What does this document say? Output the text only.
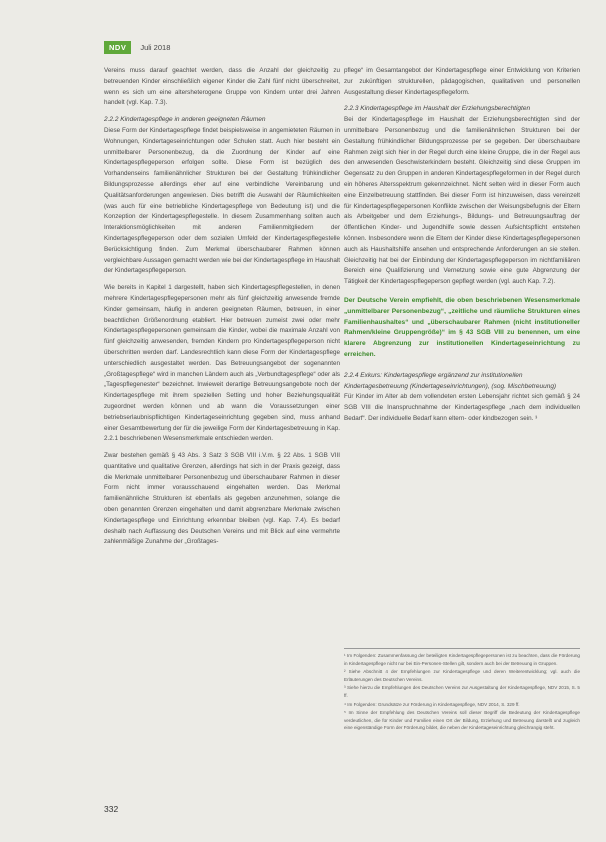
NDV	Juli 2018

Vereins muss darauf geachtet werden, dass die Anzahl der gleichzeitig zu betreuenden Kinder einschließlich eigener Kinder die Zahl fünf nicht überschreitet, wenn es sich um eine altersheterogene Gruppe von Kindern unter drei Jahren handelt (vgl. Kap. 7.3).

2.2.2 Kindertagespflege in anderen geeigneten Räumen

Diese Form der Kindertagespflege findet beispielsweise in angemieteten Räumen in Wohnungen, Kindertageseinrichtungen oder Schulen statt. Auch hier besteht ein unmittelbarer Personenbezug, da die Zuordnung der Kinder auf eine Kindertagespflegeperson erfolgen sollte. Diese Form ist bezüglich des Vorhandenseins familienähnlicher Strukturen bei der Gestaltung frühkindlicher Bildungsprozesse allerdings eher auf eine verbindliche Vereinbarung und Qualitätsanforderungen angewiesen. Dies betrifft die Auswahl der Räumlichkeiten (was auch für eine betriebliche Kindertagespflege von Bedeutung ist) und die Konzeption der Kindertagespflegestelle. In diesem Zusammenhang sollten auch Interaktionsmöglichkeiten mit anderen Familienmitgliedern der Kindertagespflegeperson oder dem sozialen Umfeld der Kindertagespflegestelle Berücksichtigung finden. Zum Merkmal überschaubarer Rahmen können vergleichbare Aussagen gemacht werden wie bei der Kindertagespflege im Haushalt der Kindertagespflegeperson.

Wie bereits in Kapitel 1 dargestellt, haben sich Kindertagespflegestellen, in denen mehrere Kindertagespflegepersonen mehr als fünf gleichzeitig anwesende fremde Kinder gemeinsam, häufig in anderen geeigneten Räumen, betreuen, in einer beachtlichen Größenordnung etabliert. Hier betreuen zumeist zwei oder mehr Kindertagespflegepersonen gemeinsam die Kinder, wobei die maximale Anzahl von fünf gleichzeitig anwesenden, fremden Kindern pro Kindertagespflegeperson nicht überschritten werden darf. Landesrechtlich kann diese Form der Kindertagespflege unterschiedlich ausgestaltet werden. Das Betreuungsangebot der sogenannten „Großtagespflege“ wird in manchen Ländern auch als „Verbundtagespflege“ oder als „Tagespflegenester“ bezeichnet. Inwieweit derartige Betreuungsangebote noch der Kindertagespflege mit ihrem speziellen Setting und hoher Beziehungsqualität zugeordnet werden können und ab wann die Voraussetzungen einer betriebserlaubnispflichtigen Kindertageseinrichtung gegeben sind, muss anhand einer Gesamtbewertung der für die jeweilige Form der Kindertagesbetreuung in Kap. 2.2.1 beschriebenen Wesensmerkmale entschieden werden.

Zwar bestehen gemäß § 43 Abs. 3 Satz 3 SGB VIII i.V.m. § 22 Abs. 1 SGB VIII quantitative und qualitative Grenzen, allerdings hat sich in der Praxis gezeigt, dass die Merkmale unmittelbarer Personenbezug und überschaubarer Rahmen in dieser Form nicht immer vorausschauend eingehalten werden. Das Merkmal familienähnliche Strukturen ist ebenfalls als gegeben anzunehmen, solange die oben genannten Grenzen eingehalten und damit abgrenzbare Merkmale zwischen Kindertagespflege und Einrichtung erkennbar bleiben (vgl. Kap. 7.4). Es bedarf deshalb nach Auffassung des Deutschen Vereins und mit Blick auf eine vermehrte zahlenmäßige Zunahme der „Großtages-

pflege“ im Gesamtangebot der Kindertagespflege einer Entwicklung von Kriterien zur zukünftigen strukturellen, pädagogischen, qualitativen und personellen Ausgestaltung dieser Kindertagespflegeform.

2.2.3 Kindertagespflege im Haushalt der Erziehungsberechtigten

Bei der Kindertagespflege im Haushalt der Erziehungsberechtigten sind der unmittelbare Personenbezug und die familienähnlichen Strukturen bei der Gestaltung frühkindlicher Bildungsprozesse per se gegeben. Der überschaubare Rahmen zeigt sich hier in der Regel durch eine kleine Gruppe, die in der Regel aus den anwesenden Geschwisterkindern besteht. Gleichzeitig sind diese Gruppen im Gegensatz zu den Gruppen in anderen Kindertagespflegeformen in der Regel durch ein höheres Altersspektrum gekennzeichnet. Nicht selten wird in dieser Form auch eine Einzelbetreuung stattfinden. Bei dieser Form ist hinzuweisen, dass vereinzelt für Kindertagespflegepersonen Konflikte zwischen der Weisungsbefugnis der Eltern als Arbeitgeber und dem Erziehungs-, Bildungs- und Betreuungsauftrag der öffentlichen Kinder- und Jugendhilfe sowie dessen Aufsichtspflicht entstehen können. Insbesondere wenn die Eltern der Kinder diese Kindertagespflegepersonen auch als Haushaltshilfe ansehen und entsprechende Anforderungen an sie stellen. Gleichzeitig hat bei der Einbindung der Kindertagespflegeperson im nichtfamiliären Bereich eine Qualifizierung und Vernetzung sowie eine gute Abgrenzung der Tätigkeit der Kindertagespflegeperson gepflegt werden (vgl. auch Kap. 7.2).

Der Deutsche Verein empfiehlt, die oben beschriebenen Wesensmerkmale „unmittelbarer Personenbezug“, „zeitliche und räumliche Strukturen eines Familienhaushaltes“ und „überschaubarer Rahmen (nicht institutioneller Rahmen/kleine Gruppengröße)“ im § 43 SGB VIII zu benennen, um eine klarere Abgrenzung zur institutionellen Kindertageseinrichtung zu erreichen.

2.2.4 Exkurs: Kindertagespflege ergänzend zur institutionellen Kindertagesbetreuung (Kindertageseinrichtungen), (sog. Mischbetreuung)

Für Kinder im Alter ab dem vollendeten ersten Lebensjahr richtet sich gemäß § 24 SGB VIII die Inanspruchnahme der Kindertagespflege „nach dem individuellen Bedarf“. Der individuelle Bedarf kann eltern- oder kindbezogen sein. ³

¹ Im Folgenden: Zusammenfassung der beteiligten Kindertagespflegepersonen ist zu beachten, dass die Förderung in Kindertagespflege nicht nur bei Ein-Personen-Stellen gilt, sondern auch bei der Betreuung in Gruppen.

² Siehe Abschnitt 4 der Empfehlungen zur Kindertagespflege und deren Weiterentwicklung; vgl. auch die Erläuterungen des Deutschen Vereins.

³ Siehe hierzu die Empfehlungen des Deutschen Vereins zur Ausgestaltung der Kindertagespflege, NDV 2015, S. 5 ff.

⁴ Im Folgenden: Grundsätze zur Förderung in Kindertagespflege, NDV 2014, S. 329 ff.

⁵ Im Sinne der Empfehlung des Deutschen Vereins soll dieser Begriff die Bedeutung der Kindertagespflege verdeutlichen, die für Kinder und Familien einen Ort der Bildung, Erziehung und Betreuung darstellt und zugleich eine eigenständige Form der Förderung bildet, die neben der Kindertageseinrichtung gleichrangig steht.

332
